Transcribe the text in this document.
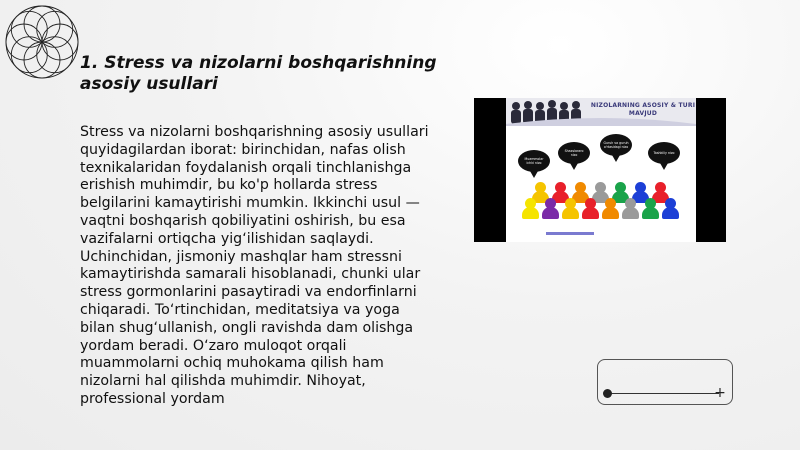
1. Stress va nizolarni boshqarishning asosiy usullari
Stress va nizolarni boshqarishning asosiy usullari quyidagilardan iborat: birinchidan, nafas olish texnikalaridan foydalanish orqali tinchlanishga erishish muhimdir, bu ko'p hollarda stress belgilarini kamaytirishi mumkin. Ikkinchi usul — vaqtni boshqarish qobiliyatini oshirish, bu esa vazifalarni ortiqcha yig‘ilishidan saqlaydi. Uchinchidan, jismoniy mashqlar ham stressni kamaytirishda samarali hisoblanadi, chunki ular stress gormonlarini pasaytiradi va endorfinlarni chiqaradi. To‘rtinchidan, meditatsiya va yoga bilan shug‘ullanish, ongli ravishda dam olishga yordam beradi. O‘zaro muloqot orqali muammolarni ochiq muhokama qilish ham nizolarni hal qilishda muhimdir. Nihoyat, professional yordam
NIZOLARNING ASOSIY & TURI MAVJUD
Muammolar ichki nizo
Shaxslararo nizo
Guruh va guruh o'rtasidagi nizo
Tashkiliy nizo
+
